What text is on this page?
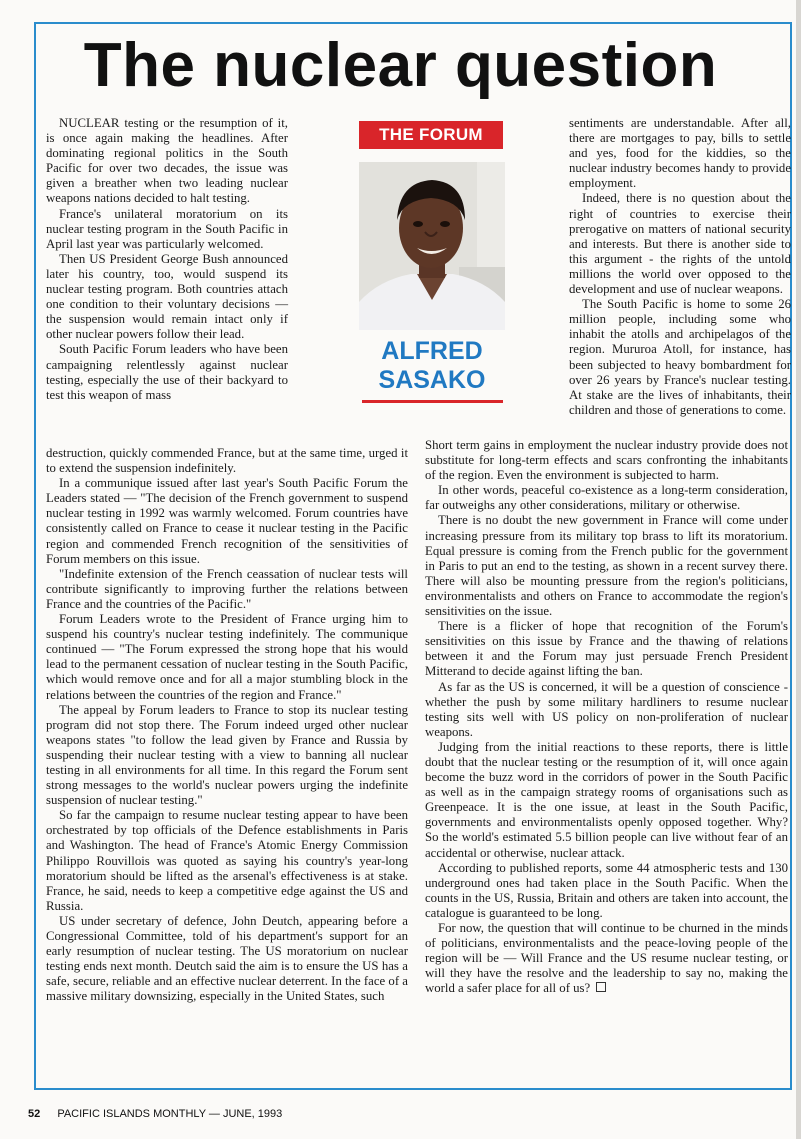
The nuclear question

NUCLEAR testing or the resumption of it, is once again making the headlines. After dominating regional politics in the South Pacific for over two decades, the issue was given a breather when two leading nuclear weapons nations decided to halt testing.

France's unilateral moratorium on its nuclear testing program in the South Pacific in April last year was particularly welcomed.

Then US President George Bush announced later his country, too, would suspend its nuclear testing program. Both countries attach one condition to their voluntary decisions — the suspension would remain intact only if other nuclear powers follow their lead.

South Pacific Forum leaders who have been campaigning relentlessly against nuclear testing, especially the use of their backyard to test this weapon of mass

THE FORUM
ALFRED
SASAKO

sentiments are understandable. After all, there are mortgages to pay, bills to settle and yes, food for the kiddies, so the nuclear industry becomes handy to provide employment.

Indeed, there is no question about the right of countries to exercise their prerogative on matters of national security and interests. But there is another side to this argument - the rights of the untold millions the world over opposed to the development and use of nuclear weapons.

The South Pacific is home to some 26 million people, including some who inhabit the atolls and archipelagos of the region. Mururoa Atoll, for instance, has been subjected to heavy bombardment for over 26 years by France's nuclear testing. At stake are the lives of inhabitants, their children and those of generations to come.

destruction, quickly commended France, but at the same time, urged it to extend the suspension indefinitely.

In a communique issued after last year's South Pacific Forum the Leaders stated — "The decision of the French government to suspend nuclear testing in 1992 was warmly welcomed. Forum countries have consistently called on France to cease it nuclear testing in the Pacific region and commended French recognition of the sensitivities of Forum members on this issue.

"Indefinite extension of the French ceassation of nuclear tests will contribute significantly to improving further the relations between France and the countries of the Pacific."

Forum Leaders wrote to the President of France urging him to suspend his country's nuclear testing indefinitely. The communique continued — "The Forum expressed the strong hope that his would lead to the permanent cessation of nuclear testing in the South Pacific, which would remove once and for all a major stumbling block in the relations between the countries of the region and France."

The appeal by Forum leaders to France to stop its nuclear testing program did not stop there. The Forum indeed urged other nuclear weapons states "to follow the lead given by France and Russia by suspending their nuclear testing with a view to banning all nuclear testing in all environments for all time. In this regard the Forum sent strong messages to the world's nuclear powers urging the indefinite suspension of nuclear testing."

So far the campaign to resume nuclear testing appear to have been orchestrated by top officials of the Defence establishments in Paris and Washington. The head of France's Atomic Energy Commission Philippo Rouvillois was quoted as saying his country's year-long moratorium should be lifted as the arsenal's effectiveness is at stake. France, he said, needs to keep a competitive edge against the US and Russia.

US under secretary of defence, John Deutch, appearing before a Congressional Committee, told of his department's support for an early resumption of nuclear testing. The US moratorium on nuclear testing ends next month. Deutch said the aim is to ensure the US has a safe, secure, reliable and an effective nuclear deterrent. In the face of a massive military downsizing, especially in the United States, such

Short term gains in employment the nuclear industry provide does not substitute for long-term effects and scars confronting the inhabitants of the region. Even the environment is subjected to harm.

In other words, peaceful co-existence as a long-term consideration, far outweighs any other considerations, military or otherwise.

There is no doubt the new government in France will come under increasing pressure from its military top brass to lift its moratorium. Equal pressure is coming from the French public for the government in Paris to put an end to the testing, as shown in a recent survey there. There will also be mounting pressure from the region's politicians, environmentalists and others on France to accommodate the region's sensitivities on the issue.

There is a flicker of hope that recognition of the Forum's sensitivities on this issue by France and the thawing of relations between it and the Forum may just persuade French President Mitterand to decide against lifting the ban.

As far as the US is concerned, it will be a question of conscience - whether the push by some military hardliners to resume nuclear testing sits well with US policy on non-proliferation of nuclear weapons.

Judging from the initial reactions to these reports, there is little doubt that the nuclear testing or the resumption of it, will once again become the buzz word in the corridors of power in the South Pacific as well as in the campaign strategy rooms of organisations such as Greenpeace. It is the one issue, at least in the South Pacific, governments and environmentalists openly opposed together. Why? So the world's estimated 5.5 billion people can live without fear of an accidental or otherwise, nuclear attack.

According to published reports, some 44 atmospheric tests and 130 underground ones had taken place in the South Pacific. When the counts in the US, Russia, Britain and others are taken into account, the catalogue is guaranteed to be long.

For now, the question that will continue to be churned in the minds of politicians, environmentalists and the peace-loving people of the region will be — Will France and the US resume nuclear testing, or will they have the resolve and the leadership to say no, making the world a safer place for all of us?

52 PACIFIC ISLANDS MONTHLY — JUNE, 1993
